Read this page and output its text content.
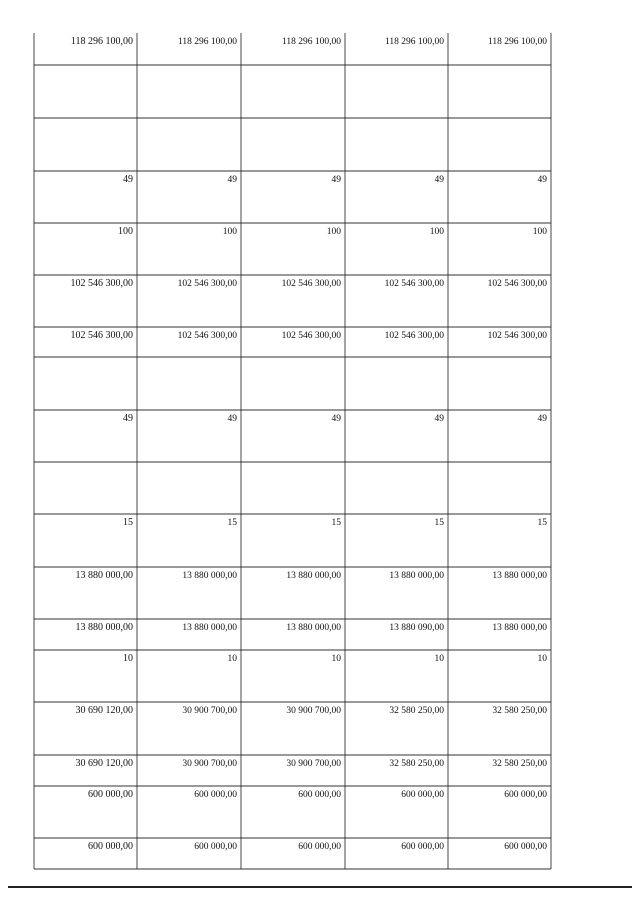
118 296 100,00	118 296 100,00	118 296 100,00	118 296 100,00	118 296 100,00
49	49	49	49	49
100	100	100	100	100
102 546 300,00	102 546 300,00	102 546 300,00	102 546 300,00	102 546 300,00
102 546 300,00	102 546 300,00	102 546 300,00	102 546 300,00	102 546 300,00
49	49	49	49	49
15	15	15	15	15
13 880 000,00	13 880 000,00	13 880 000,00	13 880 000,00	13 880 000,00
13 880 000,00	13 880 000,00	13 880 000,00	13 880 090,00	13 880 000,00
10	10	10	10	10
30 690 120,00	30 900 700,00	30 900 700,00	32 580 250,00	32 580 250,00
30 690 120,00	30 900 700,00	30 900 700,00	32 580 250,00	32 580 250,00
600 000,00	600 000,00	600 000,00	600 000,00	600 000,00
600 000,00	600 000,00	600 000,00	600 000,00	600 000,00
